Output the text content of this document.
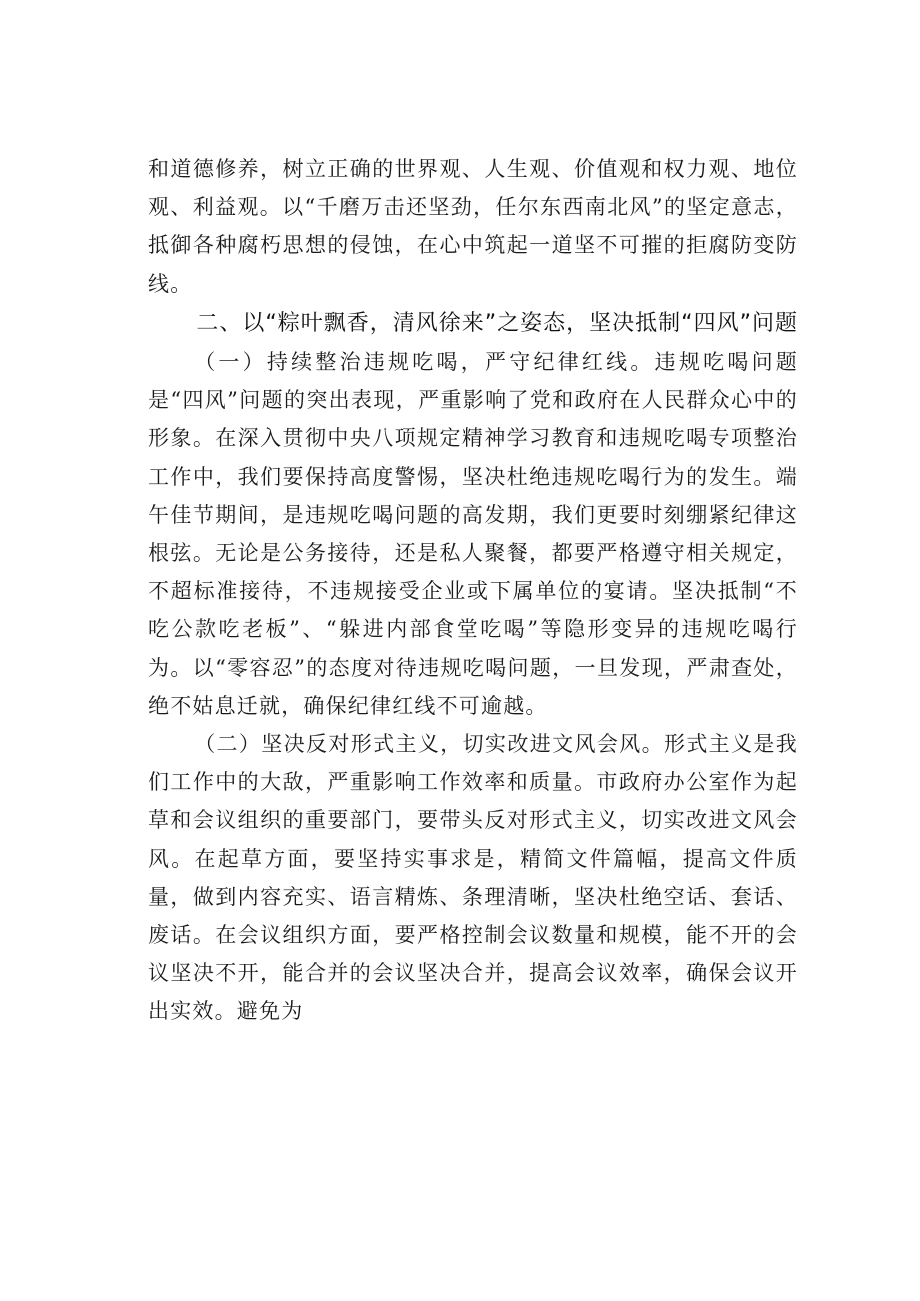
和道德修养，树立正确的世界观、人生观、价值观和权力观、地位观、利益观。以“千磨万击还坚劲，任尔东西南北风”的坚定意志，抵御各种腐朽思想的侵蚀，在心中筑起一道坚不可摧的拒腐防变防线。

二、以“粽叶飘香，清风徐来”之姿态，坚决抵制“四风”问题

（一）持续整治违规吃喝，严守纪律红线。违规吃喝问题是“四风”问题的突出表现，严重影响了党和政府在人民群众心中的形象。在深入贯彻中央八项规定精神学习教育和违规吃喝专项整治工作中，我们要保持高度警惕，坚决杜绝违规吃喝行为的发生。端午佳节期间，是违规吃喝问题的高发期，我们更要时刻绷紧纪律这根弦。无论是公务接待，还是私人聚餐，都要严格遵守相关规定，不超标准接待，不违规接受企业或下属单位的宴请。坚决抵制“不吃公款吃老板”、“躲进内部食堂吃喝”等隐形变异的违规吃喝行为。以“零容忍”的态度对待违规吃喝问题，一旦发现，严肃查处，绝不姑息迁就，确保纪律红线不可逾越。

（二）坚决反对形式主义，切实改进文风会风。形式主义是我们工作中的大敌，严重影响工作效率和质量。市政府办公室作为起草和会议组织的重要部门，要带头反对形式主义，切实改进文风会风。在起草方面，要坚持实事求是，精简文件篇幅，提高文件质量，做到内容充实、语言精炼、条理清晰，坚决杜绝空话、套话、废话。在会议组织方面，要严格控制会议数量和规模，能不开的会议坚决不开，能合并的会议坚决合并，提高会议效率，确保会议开出实效。避免为
